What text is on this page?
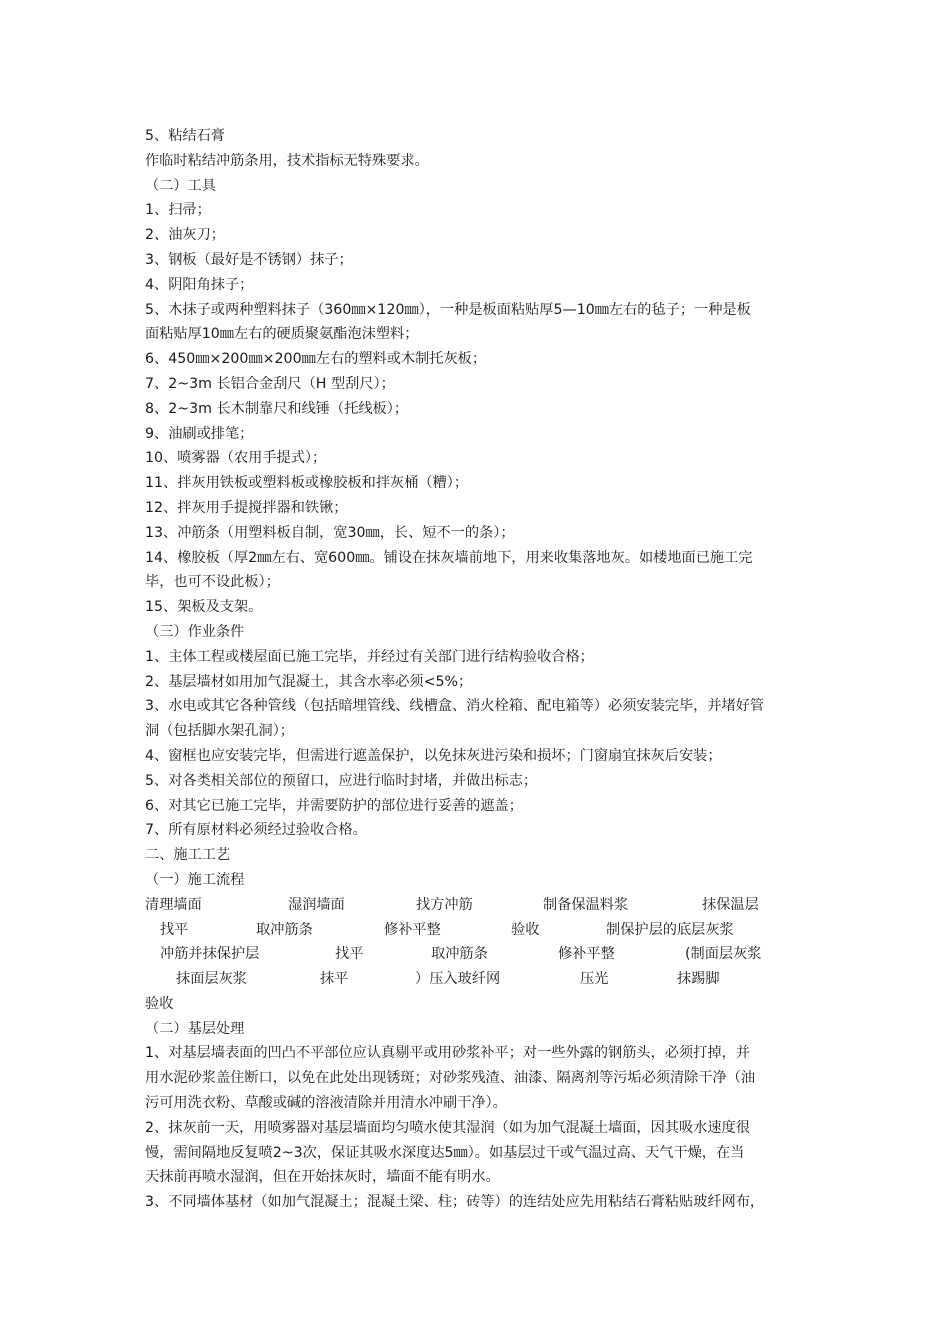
5、粘结石膏
作临时粘结冲筋条用，技术指标无特殊要求。
（二）工具
1、扫帚；
2、油灰刀；
3、钢板（最好是不锈钢）抹子；
4、阴阳角抹子；
5、木抹子或两种塑料抹子（360㎜×120㎜），一种是板面粘贴厚5—10㎜左右的毡子；一种是板
面粘贴厚10㎜左右的硬质聚氨酯泡沫塑料；
6、450㎜×200㎜×200㎜左右的塑料或木制托灰板；
7、2~3m 长铝合金刮尺（H 型刮尺）；
8、2~3m 长木制靠尺和线锤（托线板）；
9、油刷或排笔；
10、喷雾器（农用手提式）；
11、拌灰用铁板或塑料板或橡胶板和拌灰桶（糟）；
12、拌灰用手提搅拌器和铁锹；
13、冲筋条（用塑料板自制，宽30㎜，长、短不一的条）；
14、橡胶板（厚2㎜左右、宽600㎜。铺设在抹灰墙前地下，用来收集落地灰。如楼地面已施工完
毕，也可不设此板）；
15、架板及支架。
（三）作业条件
1、主体工程或楼屋面已施工完毕，并经过有关部门进行结构验收合格；
2、基层墙材如用加气混凝土，其含水率必须<5%；
3、水电或其它各种管线（包括暗埋管线、线槽盒、消火栓箱、配电箱等）必须安装完毕，并堵好管
洞（包括脚水架孔洞）；
4、窗框也应安装完毕，但需进行遮盖保护，以免抹灰进污染和损坏；门窗扇宜抹灰后安装；
5、对各类相关部位的预留口，应进行临时封堵，并做出标志；
6、对其它已施工完毕，并需要防护的部位进行妥善的遮盖；
7、所有原材料必须经过验收合格。
二、施工工艺
（一）施工流程
清理墙面	湿润墙面	找方冲筋	制备保温料浆	抹保温层
找平	取冲筋条	修补平整	验收	制保护层的底层灰浆
冲筋并抹保护层	找平	取冲筋条	修补平整	(制面层灰浆
抹面层灰浆	抹平	）压入玻纤网	压光	抹踢脚
验收
（二）基层处理
1、对基层墙表面的凹凸不平部位应认真剔平或用砂浆补平；对一些外露的钢筋头，必须打掉，并
用水泥砂浆盖住断口，以免在此处出现锈斑；对砂浆残渣、油漆、隔离剂等污垢必须清除干净（油
污可用洗衣粉、草酸或碱的溶液清除并用清水冲刷干净）。
2、抹灰前一天，用喷雾器对基层墙面均匀喷水使其湿润（如为加气混凝土墙面，因其吸水速度很
慢，需间隔地反复喷2~3次，保证其吸水深度达5㎜）。如基层过干或气温过高、天气干燥，在当
天抹前再喷水湿润，但在开始抹灰时，墙面不能有明水。
3、不同墙体基材（如加气混凝土；混凝土梁、柱；砖等）的连结处应先用粘结石膏粘贴玻纤网布，
